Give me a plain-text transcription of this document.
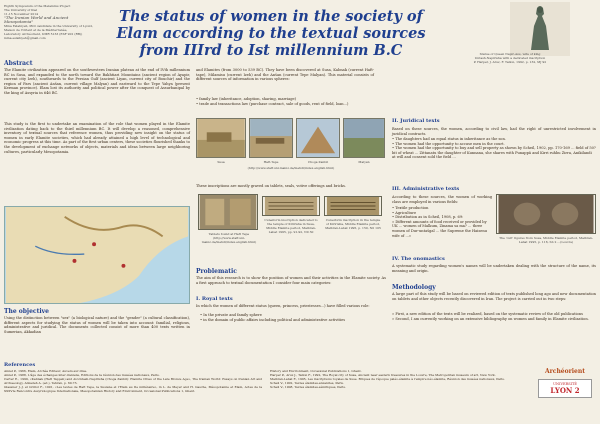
Eighth Symposium of the Melammu Project
The University of Kiel
11-15 November 2014
"The Iranian World and Ancient Mesopotamia"
Mina Eslahiyeh, PhD candidate in the University of Lyon2,
Maison de l'Orient et de la Méditerranée,
Laboratory Archéorient, UMR 5133 (ESF 901 (RB))
mina.eslahiyeh@gmail.com
The status of women in the society of Elam according to the textual sources from IIIrd to Ist millennium B.C	Statue of Queen Napir-Asu, wife of king
Untash-Napirisha with a dedicated inscription
P. Harper, J. Aruz, F. Tallon, 1992, p. 132, MJ 92
Abstract
The Elamite civilization appeared on the southwestern Iranian plateau at the end of IVth millennium BC in Susa, and expanded to the north toward the Bakhtiari Mountains (ancient region of Ayapir, current city Izeh), southwards to the Persian Gulf (ancient Liyan, current city of Bouchir) and the region of Fars (ancient Anšan, current village Malyan) and eastward to the Tepe Yahya (present Kerman province). Elam lost its authority and political power after the conquest of Assurbanipal by the king of Assyria in 646 BC.
This study is the first to undertake an examination of the role that women played in the Elamite civilization dating back to the third millennium BC. It will develop a reasoned, comprehensive inventory of textual sources that reference women, thus providing new insight on the status of women in early Elamite societies, which had already attained a high level of technological and economic progress at this time. As part of the first urban centers, these societies flourished thanks to the development of exchange networks of objects, materials and ideas between large neighboring cultures, particularly Mesopotamia.
and Elamites (from 3000 to 539 BC). They have been discovered at Susa, Kabnak (current Haft-tape), Milamisu (current Izeh) and the Anšan (current Tepe Malyan). This material consists of different sources of information in various spheres:
• family law (inheritance, adoption, sharing, marriage)
• trade and transactions law (purchase contract, sale of goods, rent of field, loan...)
Susa	Haft-Tepe	Choga Zanbil	Malyan
(http://www.staff.uni-mainz.de/mehdi/index.english.html)
These inscriptions are mostly graved on tablets, seals, votive offerings and bricks.
Tablets found at Haft Tepe (http://www.staff.uni-mainz.de/mehdi/index.english.html)
Cuneiform inscription dedicated to the temple of Kiririsha in Susa, Middle Elamite period, Malbran-Labat 1995, pp. 91-92, N0 30
Cuneiform inscription in the temple of Kiririsha, Middle Elamite period, Malbran-Labat 1995, p. 150, N0 105
The objective
Using the distinction between "sex" (a biological nature) and the "gender" (a cultural classification), different aspects for studying the status of women will be taken into account: familial, religious, administrative and juridical. The documents collected consist of more than 400 texts written in Sumerian, Akkadian
Problematic
The aim of this research is to show the position of women and their activities in the Elamite society. As a first approach to textual documentation I consider four main categories:
I. Royal texts
In which the women of different status (queen, princess, priestesses...) have filled various role:
• In the private and family sphere
• in the domain of public affairs including political and administrative activities
II. Juridical texts
Based on these sources, the women, according to civil law, had the right of unrestricted involvement in juridical contracts.
• The daughters had an equal status in inheritance as the son.
• The women had the opportunity to accuse men in the court.
• The women had the opportunity to buy and sell property as shown by Scheil, 1902, pp. 170-169 ... field of 50? bit of wheat ... Zittanatu the daughter of Kunnana, she shares with Punappā and Kirri ruhhu Zirra, Anikilandi at will and consent sold the field ...
III. Administrative texts
According to these sources, the women of working class are employed in various fields:
• Textile production
• Agriculture
• Distribution as in Scheil, 1908, p. 69:
« Different amounts of food received or provided by UK ... women of Malkum, Zinama sa ma? ... three women of Dur-untašgal ... the Supreme the Haisenu wife of ...»
The 'cult' figures from Susa, Middle Elamite period, Malbran-Labat 1995, p. 116, Sb 2 ...(Louvre)
IV. The onomastics
A systematic study regarding women's names will be undertaken dealing with the structure of the name, its meaning and origin.
Methodology
A large part of this study will be based on reviewed edition of texts published long ago and new documentation on tablets and other objects recently discovered in Iran. The project is carried out in two steps:
» First, a new edition of the texts will be realized, based on the systematic review of the old publications
» Second, I am currently working on an extensive bibliography on women and family in Elamite civilization.
References
Amiet P., 1966, Elam, Archée Editeur, Auvers-sur-Oise.
Amiet P., 1988, L'âge des échanges inter-iraniens, Editions de la réunion des musées nationaux, Paris.
Carter E., 1999, «Kabnak (Haft Tappeh) and Al-Untash-Napirisha (Choga Zanbil): Elamite Cities of the Late Bronze Age», The Iranian World: Essays on Iranian Art and Archaeology, Alizadeh A. (ed.), Tehran, p. 60-73.
Glassner J.-J. et Grillot F., 1991, «Les textes de Haft Tepe, la Susiane et l'Elam au IIe millénaire», in L. de Meyer and H. Gasche, Mésopotamie et Elam, Actes de la XXXVIe Rencontre Assyriologique Internationale, Mesopotamian History and Environment, Occasional Publications 1, Ghent.
History and Environment, Occasional Publications 1, Ghent.
Harper P., Aruz J., Tallon F., 1992, The Royal city of Susa, Ancient near eastern treasures in the Louvre, The Metropolitan museum of art, New York.
Malbran-Labat F., 1995, Les inscriptions royales de Suse. Briques de l'époque paléo-élamite à l'empire néo-élamite, Réunion des musées nationaux, Paris.
Scheil V., 1902, Textes élamites-anzanites, Paris.
Scheil V., 1908, Textes élamites-sémitiques, Paris.
Archéorient
UNIVERSITÉ
LYON 2
